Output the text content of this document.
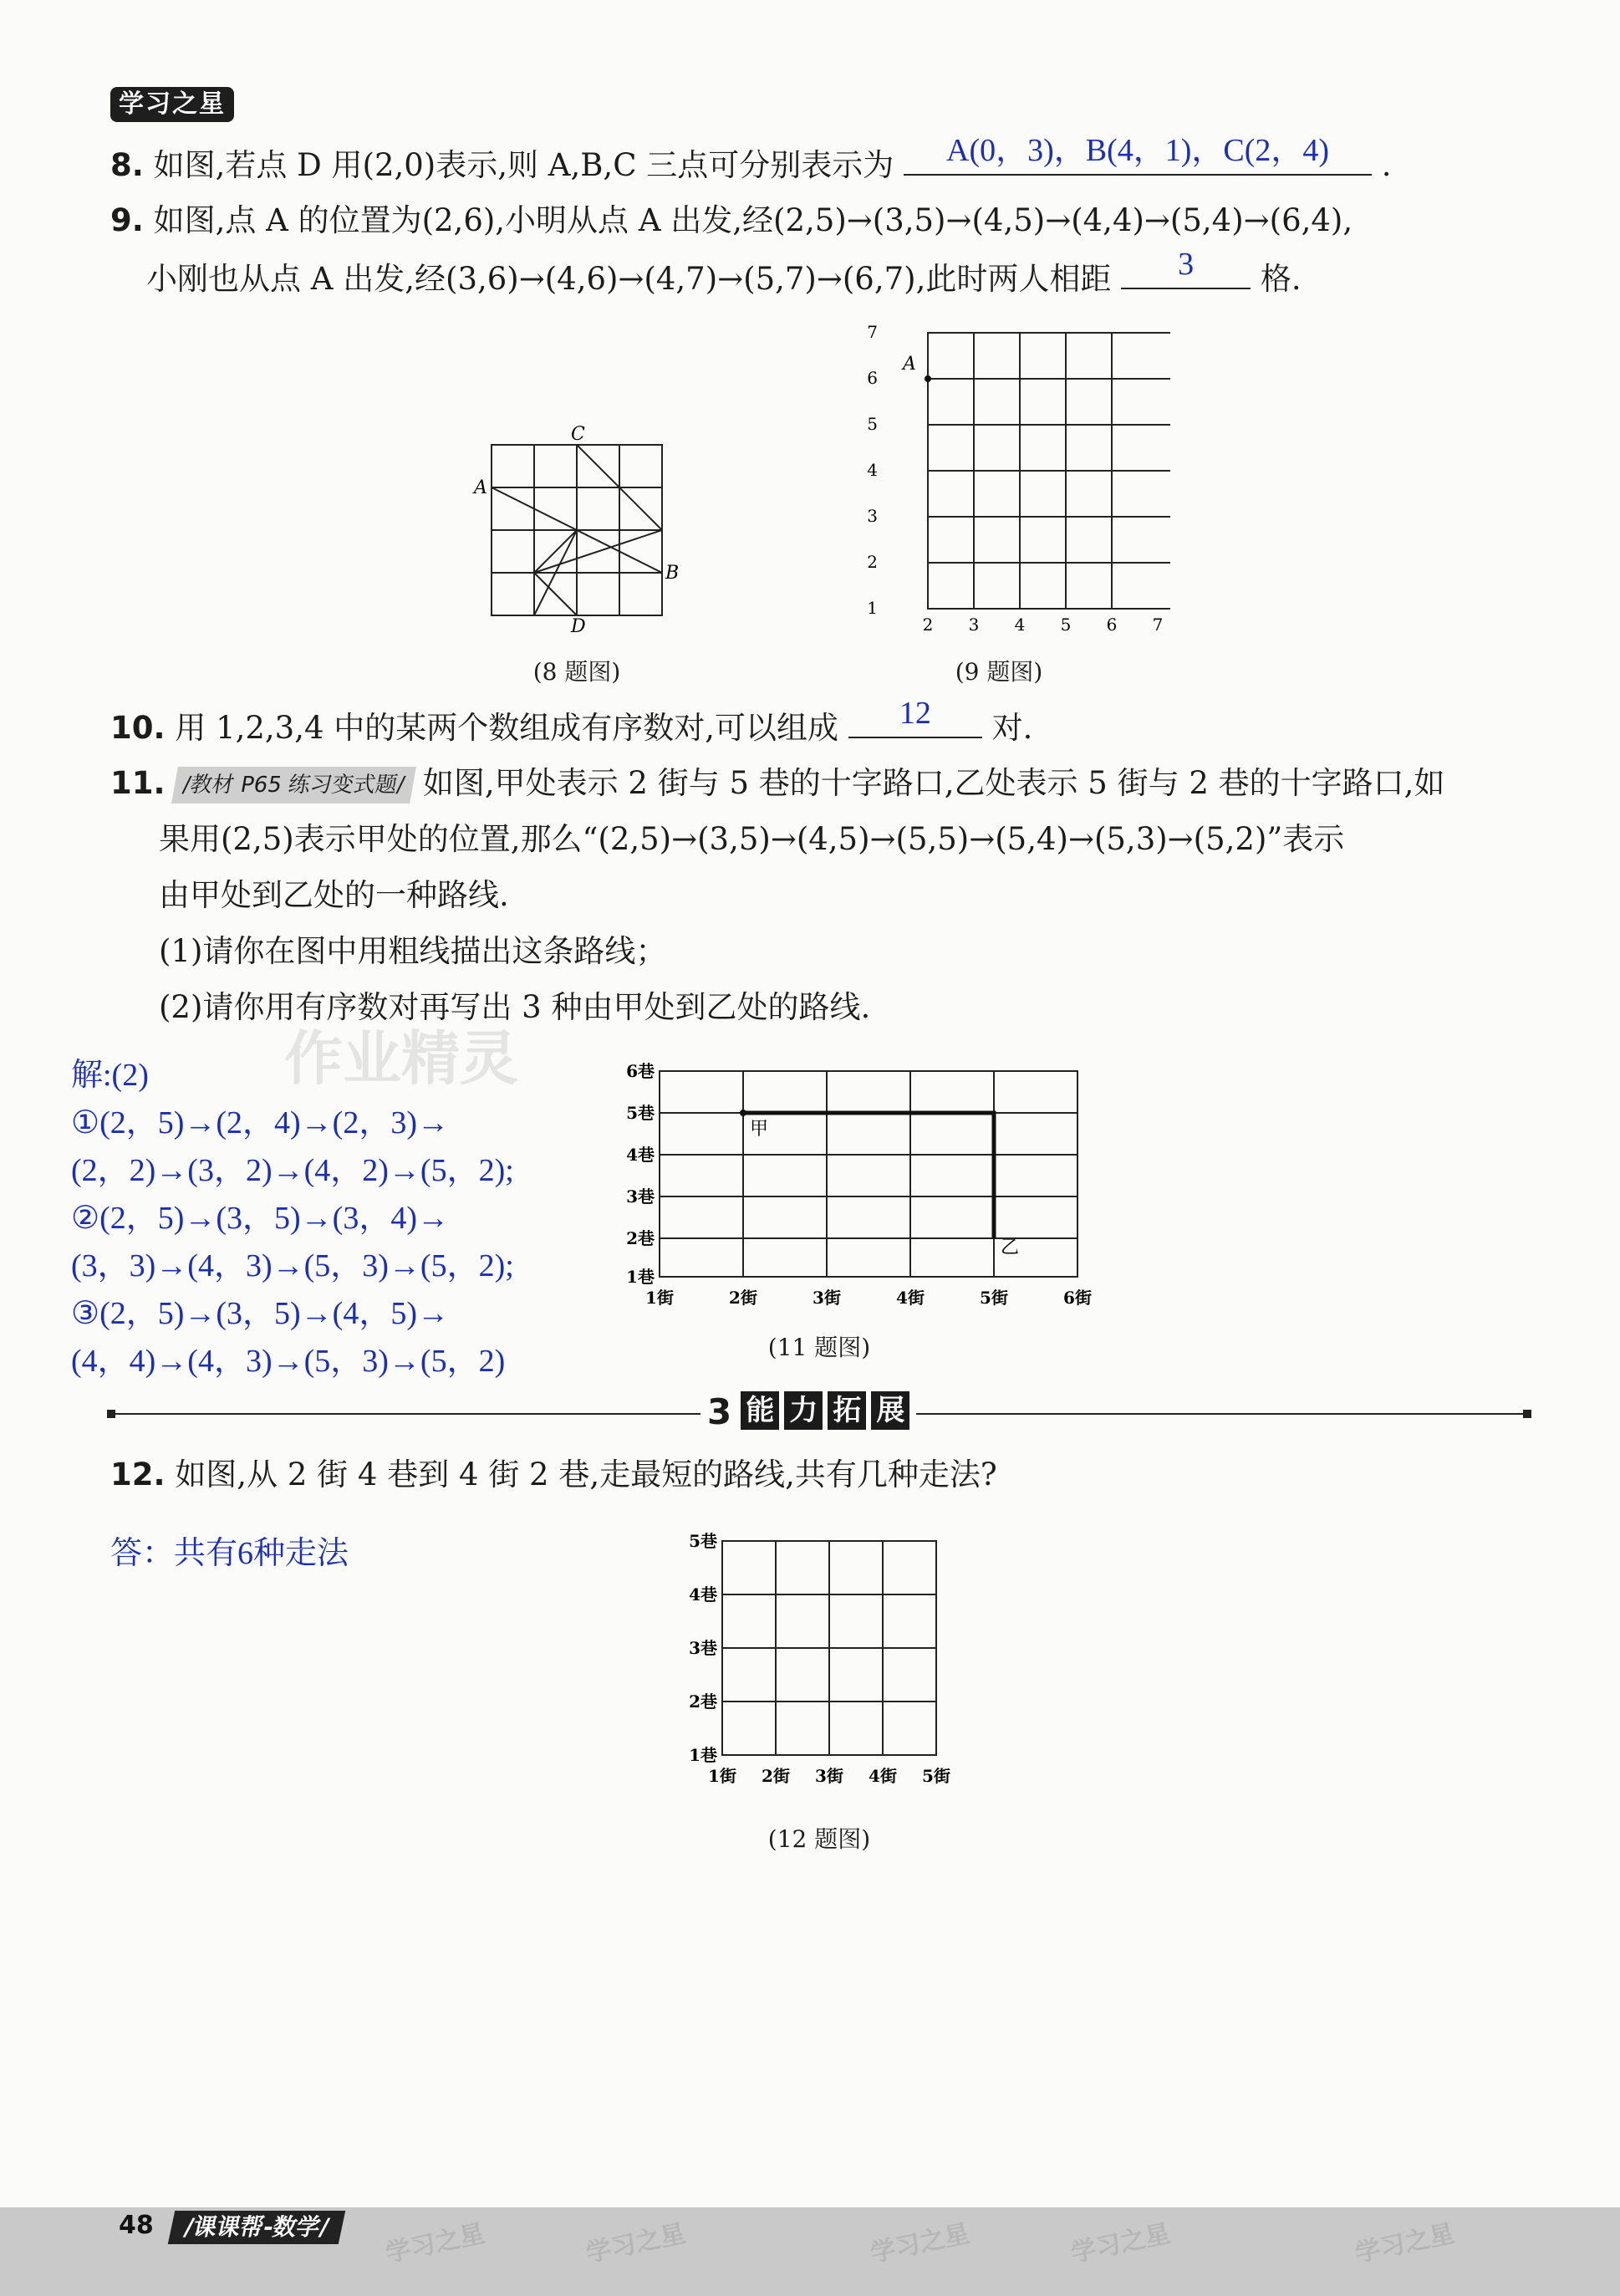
学习之星
8. 如图,若点 D 用(2,0)表示,则 A,B,C 三点可分别表示为	A(0，3)，B(4，1)，C(2，4)	.
9. 如图,点 A 的位置为(2,6),小明从点 A 出发,经(2,5)→(3,5)→(4,5)→(4,4)→(5,4)→(6,4),
小刚也从点 A 出发,经(3,6)→(4,6)→(4,7)→(5,7)→(6,7),此时两人相距	3	格.
C
A
B
D
(8 题图)
A
7
6
5
4
3
2
1
2 3 4 5 6 7
(9 题图)
10. 用 1,2,3,4 中的某两个数组成有序数对,可以组成	12	对.
11. /教材 P65 练习变式题/ 如图,甲处表示 2 街与 5 巷的十字路口,乙处表示 5 街与 2 巷的十字路口,如
果用(2,5)表示甲处的位置,那么“(2,5)→(3,5)→(4,5)→(5,5)→(5,4)→(5,3)→(5,2)”表示
由甲处到乙处的一种路线.
(1)请你在图中用粗线描出这条路线；
(2)请你用有序数对再写出 3 种由甲处到乙处的路线.
作业精灵
解:(2)
①(2，5)→(2，4)→(2，3)→
(2，2)→(3，2)→(4，2)→(5，2);
②(2，5)→(3，5)→(3，4)→
(3，3)→(4，3)→(5，3)→(5，2);
③(2，5)→(3，5)→(4，5)→
(4，4)→(4，3)→(5，3)→(5，2)
甲
乙
6巷
5巷
4巷
3巷
2巷
1巷
1街	2街	3街	4街	5街	6街
(11 题图)
3 能 力 拓 展
12. 如图,从 2 街 4 巷到 4 街 2 巷,走最短的路线,共有几种走法?
答：共有6种走法	5巷
4巷
3巷
2巷
1巷
1街 2街 3街 4街 5街
(12 题图)
48	/课课帮-数学/	学习之星	学习之星	学习之星	学习之星	学习之星
